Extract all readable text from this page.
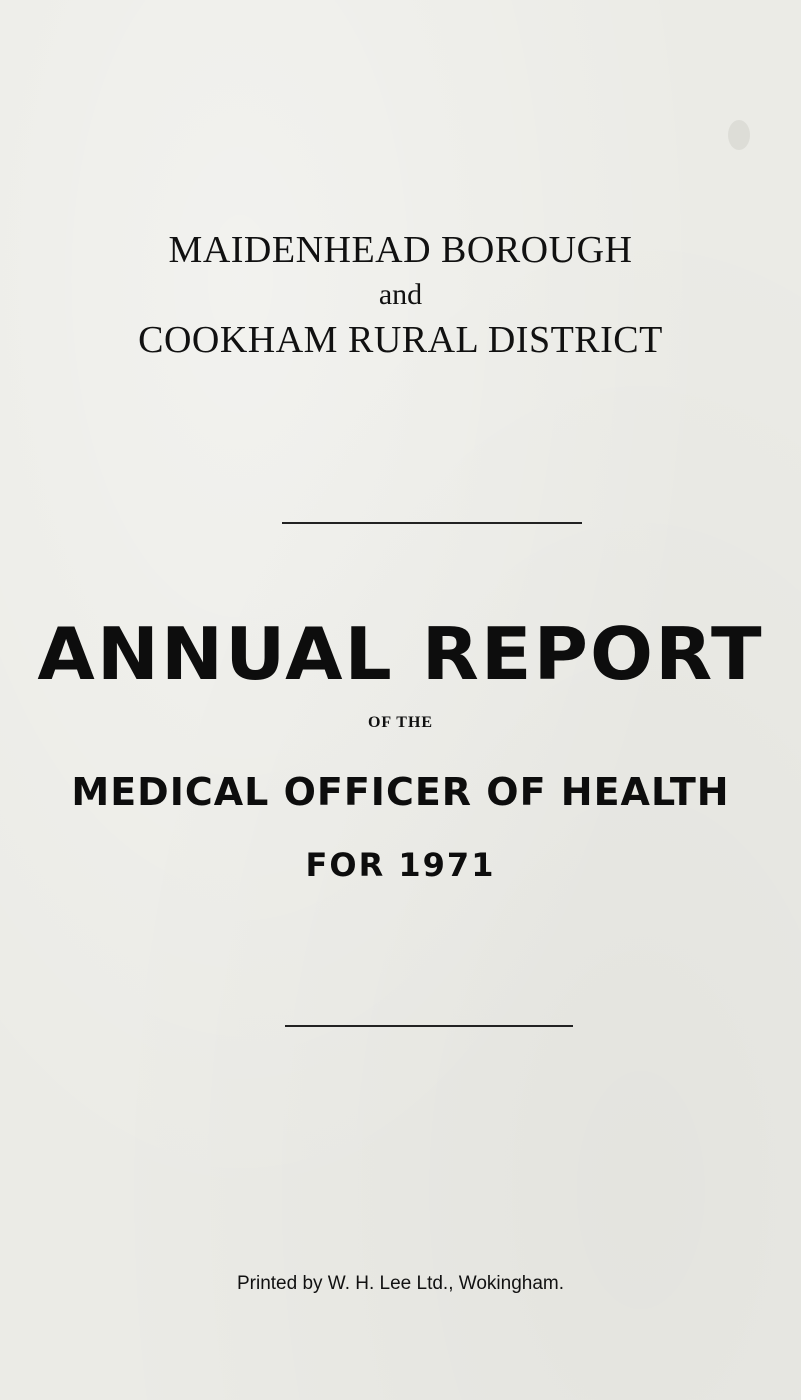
MAIDENHEAD BOROUGH
and
COOKHAM RURAL DISTRICT
ANNUAL REPORT
OF THE
MEDICAL OFFICER OF HEALTH
FOR 1971
Printed by W. H. Lee Ltd., Wokingham.
